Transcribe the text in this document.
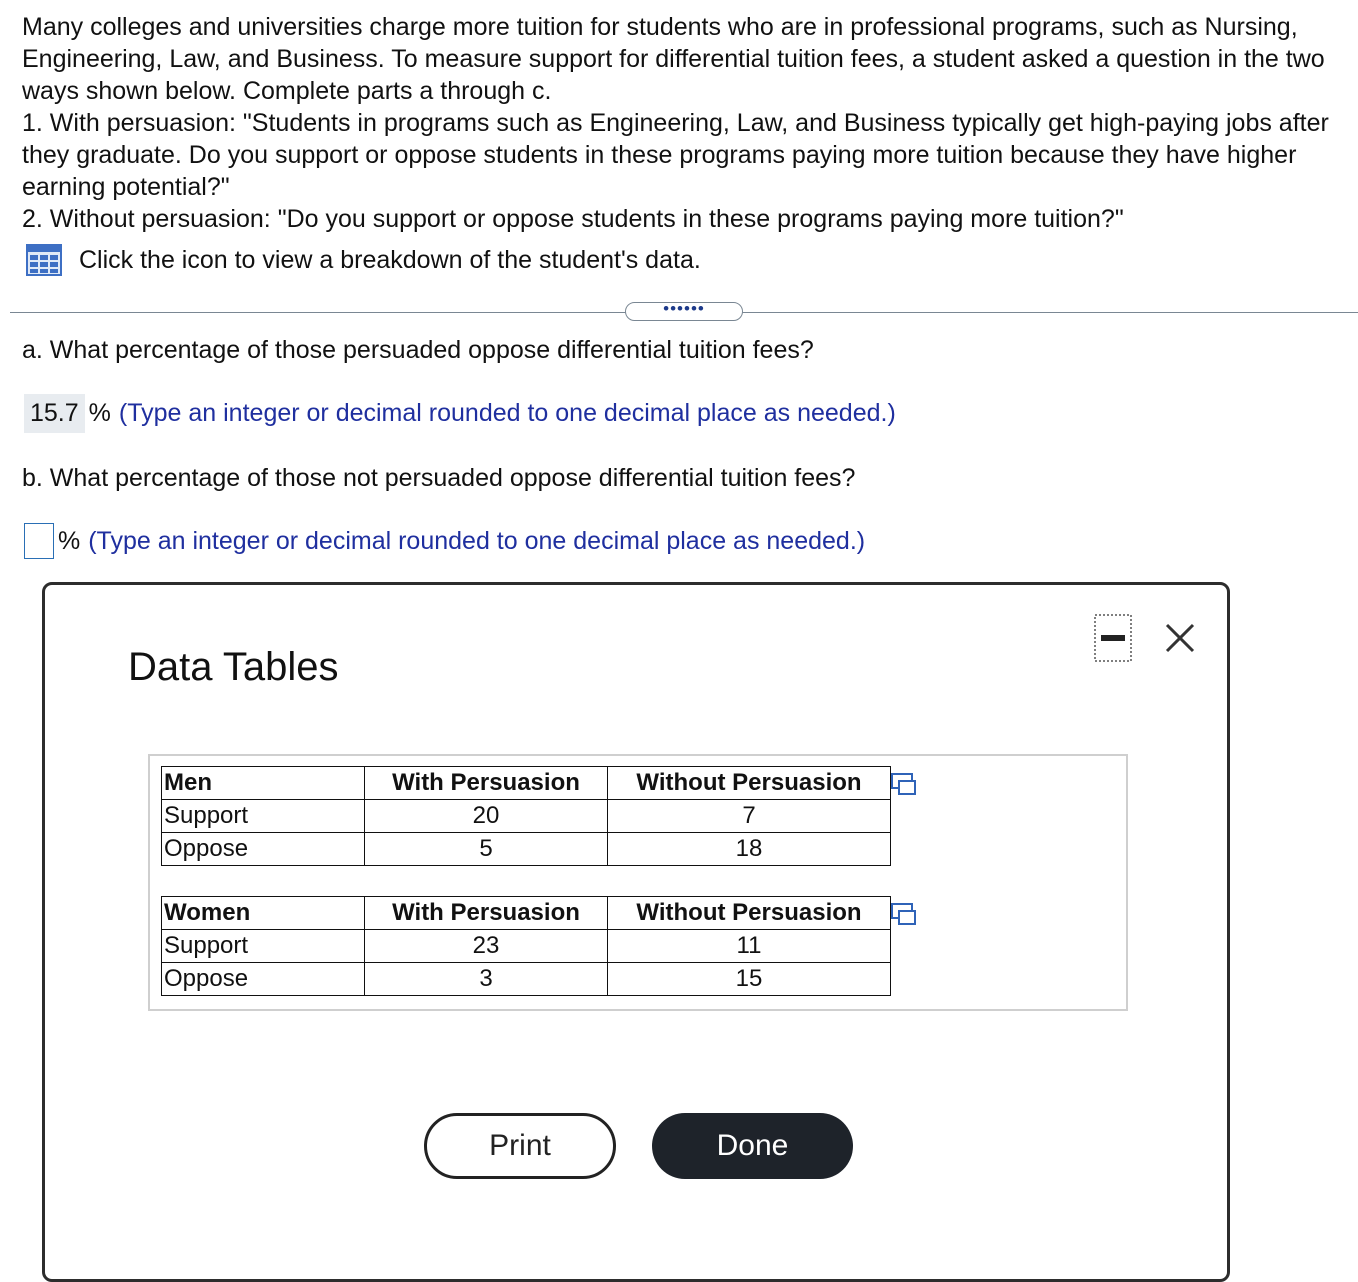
Many colleges and universities charge more tuition for students who are in professional programs, such as Nursing, Engineering, Law, and Business. To measure support for differential tuition fees, a student asked a question in the two ways shown below. Complete parts a through c.

1. With persuasion: "Students in programs such as Engineering, Law, and Business typically get high-paying jobs after they graduate. Do you support or oppose students in these programs paying more tuition because they have higher earning potential?"

2. Without persuasion: "Do you support or oppose students in these programs paying more tuition?"

Click the icon to view a breakdown of the student's data.
••••••
a. What percentage of those persuaded oppose differential tuition fees?
15.7 % (Type an integer or decimal rounded to one decimal place as needed.)
b. What percentage of those not persuaded oppose differential tuition fees?
% (Type an integer or decimal rounded to one decimal place as needed.)
Data Tables
Men	With Persuasion	Without Persuasion
Support	20	7
Oppose	5	18
Women	With Persuasion	Without Persuasion
Support	23	11
Oppose	3	15
Print	Done
